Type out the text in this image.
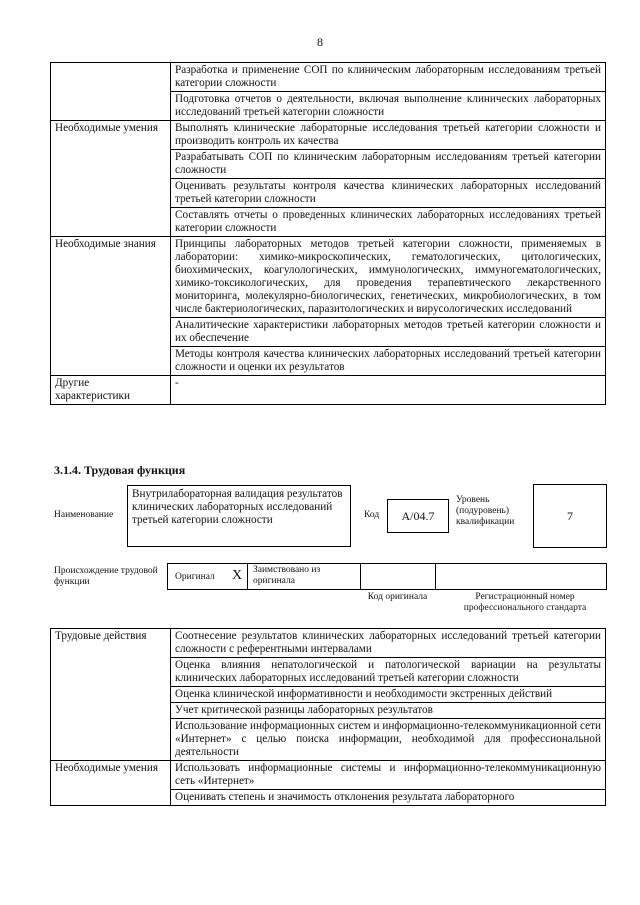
8
	Разработка и применение СОП по клиническим лабораторным исследованиям третьей категории сложности
	Подготовка отчетов о деятельности, включая выполнение клинических лабораторных исследований третьей категории сложности
Необходимые умения	Выполнять клинические лабораторные исследования третьей категории сложности и производить контроль их качества
	Разрабатывать СОП по клиническим лабораторным исследованиям третьей категории сложности
	Оценивать результаты контроля качества клинических лабораторных исследований третьей категории сложности
	Составлять отчеты о проведенных клинических лабораторных исследованиях третьей категории сложности
Необходимые знания	Принципы лабораторных методов третьей категории сложности, применяемых в лаборатории: химико-микроскопических, гематологических, цитологических, биохимических, коагулологических, иммунологических, иммуногематологических, химико-токсикологических, для проведения терапевтического лекарственного мониторинга, молекулярно-биологических, генетических, микробиологических, в том числе бактериологических, паразитологических и вирусологических исследований
	Аналитические характеристики лабораторных методов третьей категории сложности и их обеспечение
	Методы контроля качества клинических лабораторных исследований третьей категории сложности и оценки их результатов
Другие характеристики	-
3.1.4. Трудовая функция
Наименование
Внутрилабораторная валидация результатов клинических лабораторных исследований третьей категории сложности	Код	А/04.7
Уровень (подуровень) квалификации	7
Происхождение трудовой функции	Оригинал X Заимствовано из оригинала
Код оригинала	Регистрационный номер профессионального стандарта
Трудовые действия	Соотнесение результатов клинических лабораторных исследований третьей категории сложности с референтными интервалами
	Оценка влияния непатологической и патологической вариации на результаты клинических лабораторных исследований третьей категории сложности
	Оценка клинической информативности и необходимости экстренных действий
	Учет критической разницы лабораторных результатов
	Использование информационных систем и информационно-телекоммуникационной сети «Интернет» с целью поиска информации, необходимой для профессиональной деятельности
Необходимые умения	Использовать информационные системы и информационно-телекоммуникационную сеть «Интернет»
	Оценивать степень и значимость отклонения результата лабораторного
